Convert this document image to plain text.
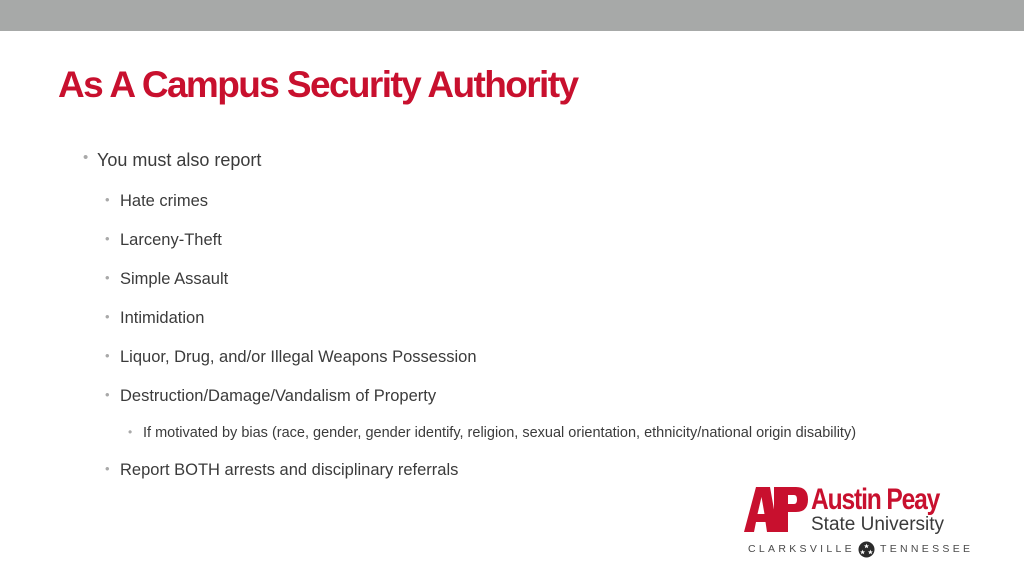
As A Campus Security Authority
• You must also report
• Hate crimes
• Larceny-Theft
• Simple Assault
• Intimidation
• Liquor, Drug, and/or Illegal Weapons Possession
• Destruction/Damage/Vandalism of Property
• If motivated by bias (race, gender, gender identify, religion, sexual orientation, ethnicity/national origin disability)
• Report BOTH arrests and disciplinary referrals
Austin Peay
State University
CLARKSVILLE TENNESSEE
